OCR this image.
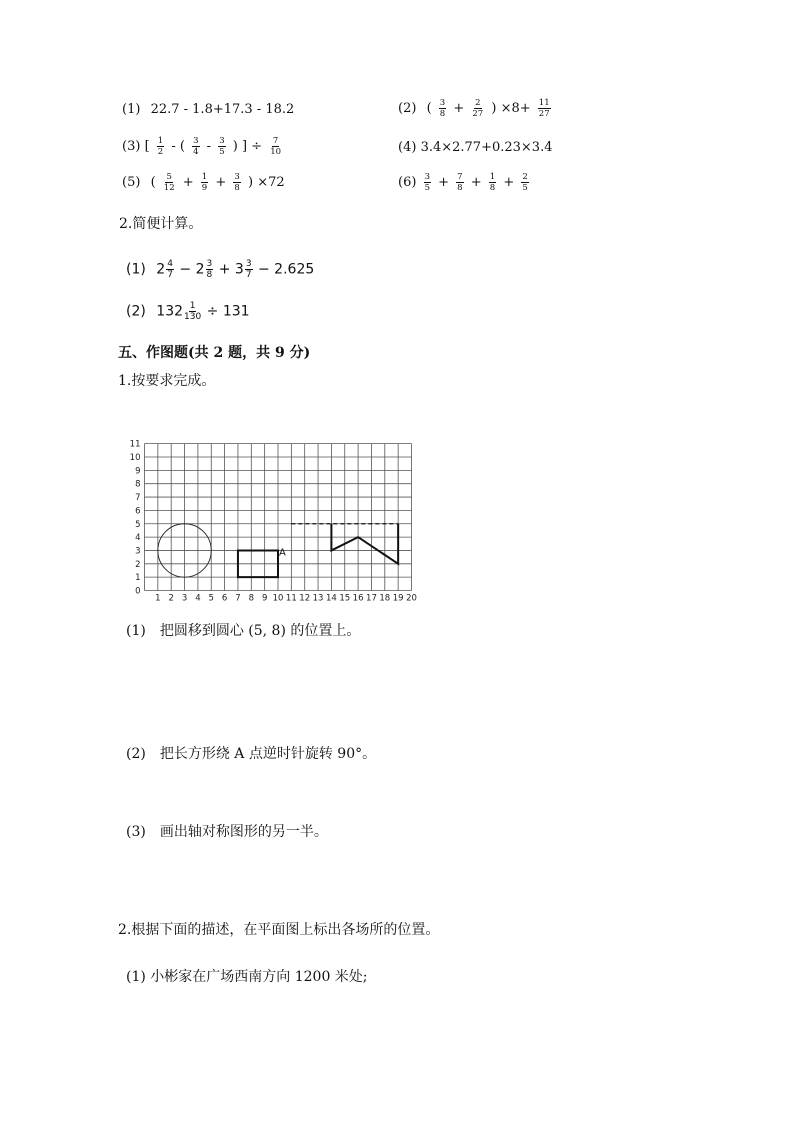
(1) 22.7 - 1.8+17.3 - 18.2	(2) ( $\frac{3}{8} + \frac{2}{27}$ ) $\times 8+ \frac{11}{27}$
(3) [ $\frac{1}{2}$ - ( $\frac{3}{4} - \frac{3}{5}$ ) ] ÷ $\frac{7}{10}$	(4) 3.4×2.77+0.23×3.4
(5) ( $\frac{5}{12} + \frac{1}{9} + \frac{3}{8}$ ) ×72	$(6) \frac{3}{5} + \frac{7}{8} + \frac{1}{8} + \frac{2}{5}$
2.简便计算。
(1) $2 \frac{4}{7} - 2 \frac{3}{8} + 3 \frac{3}{7} - 2.625$
(2) $132 \frac{1}{130} \div 131$
五、作图题(共 2 题，共 9 分)
1.按要求完成。
1 2 3 4 5 6 7 8 9 10 11 12 13 14 15 16 17 18 19 20
0
1
2
3
4
5
6
7
8
9
10
11
A
(1)　把圆移到圆心 (5, 8) 的位置上。
(2)　把长方形绕 A 点逆时针旋转 90°。
(3)　画出轴对称图形的另一半。
2.根据下面的描述，在平面图上标出各场所的位置。
(1) 小彬家在广场西南方向 1200 米处;
